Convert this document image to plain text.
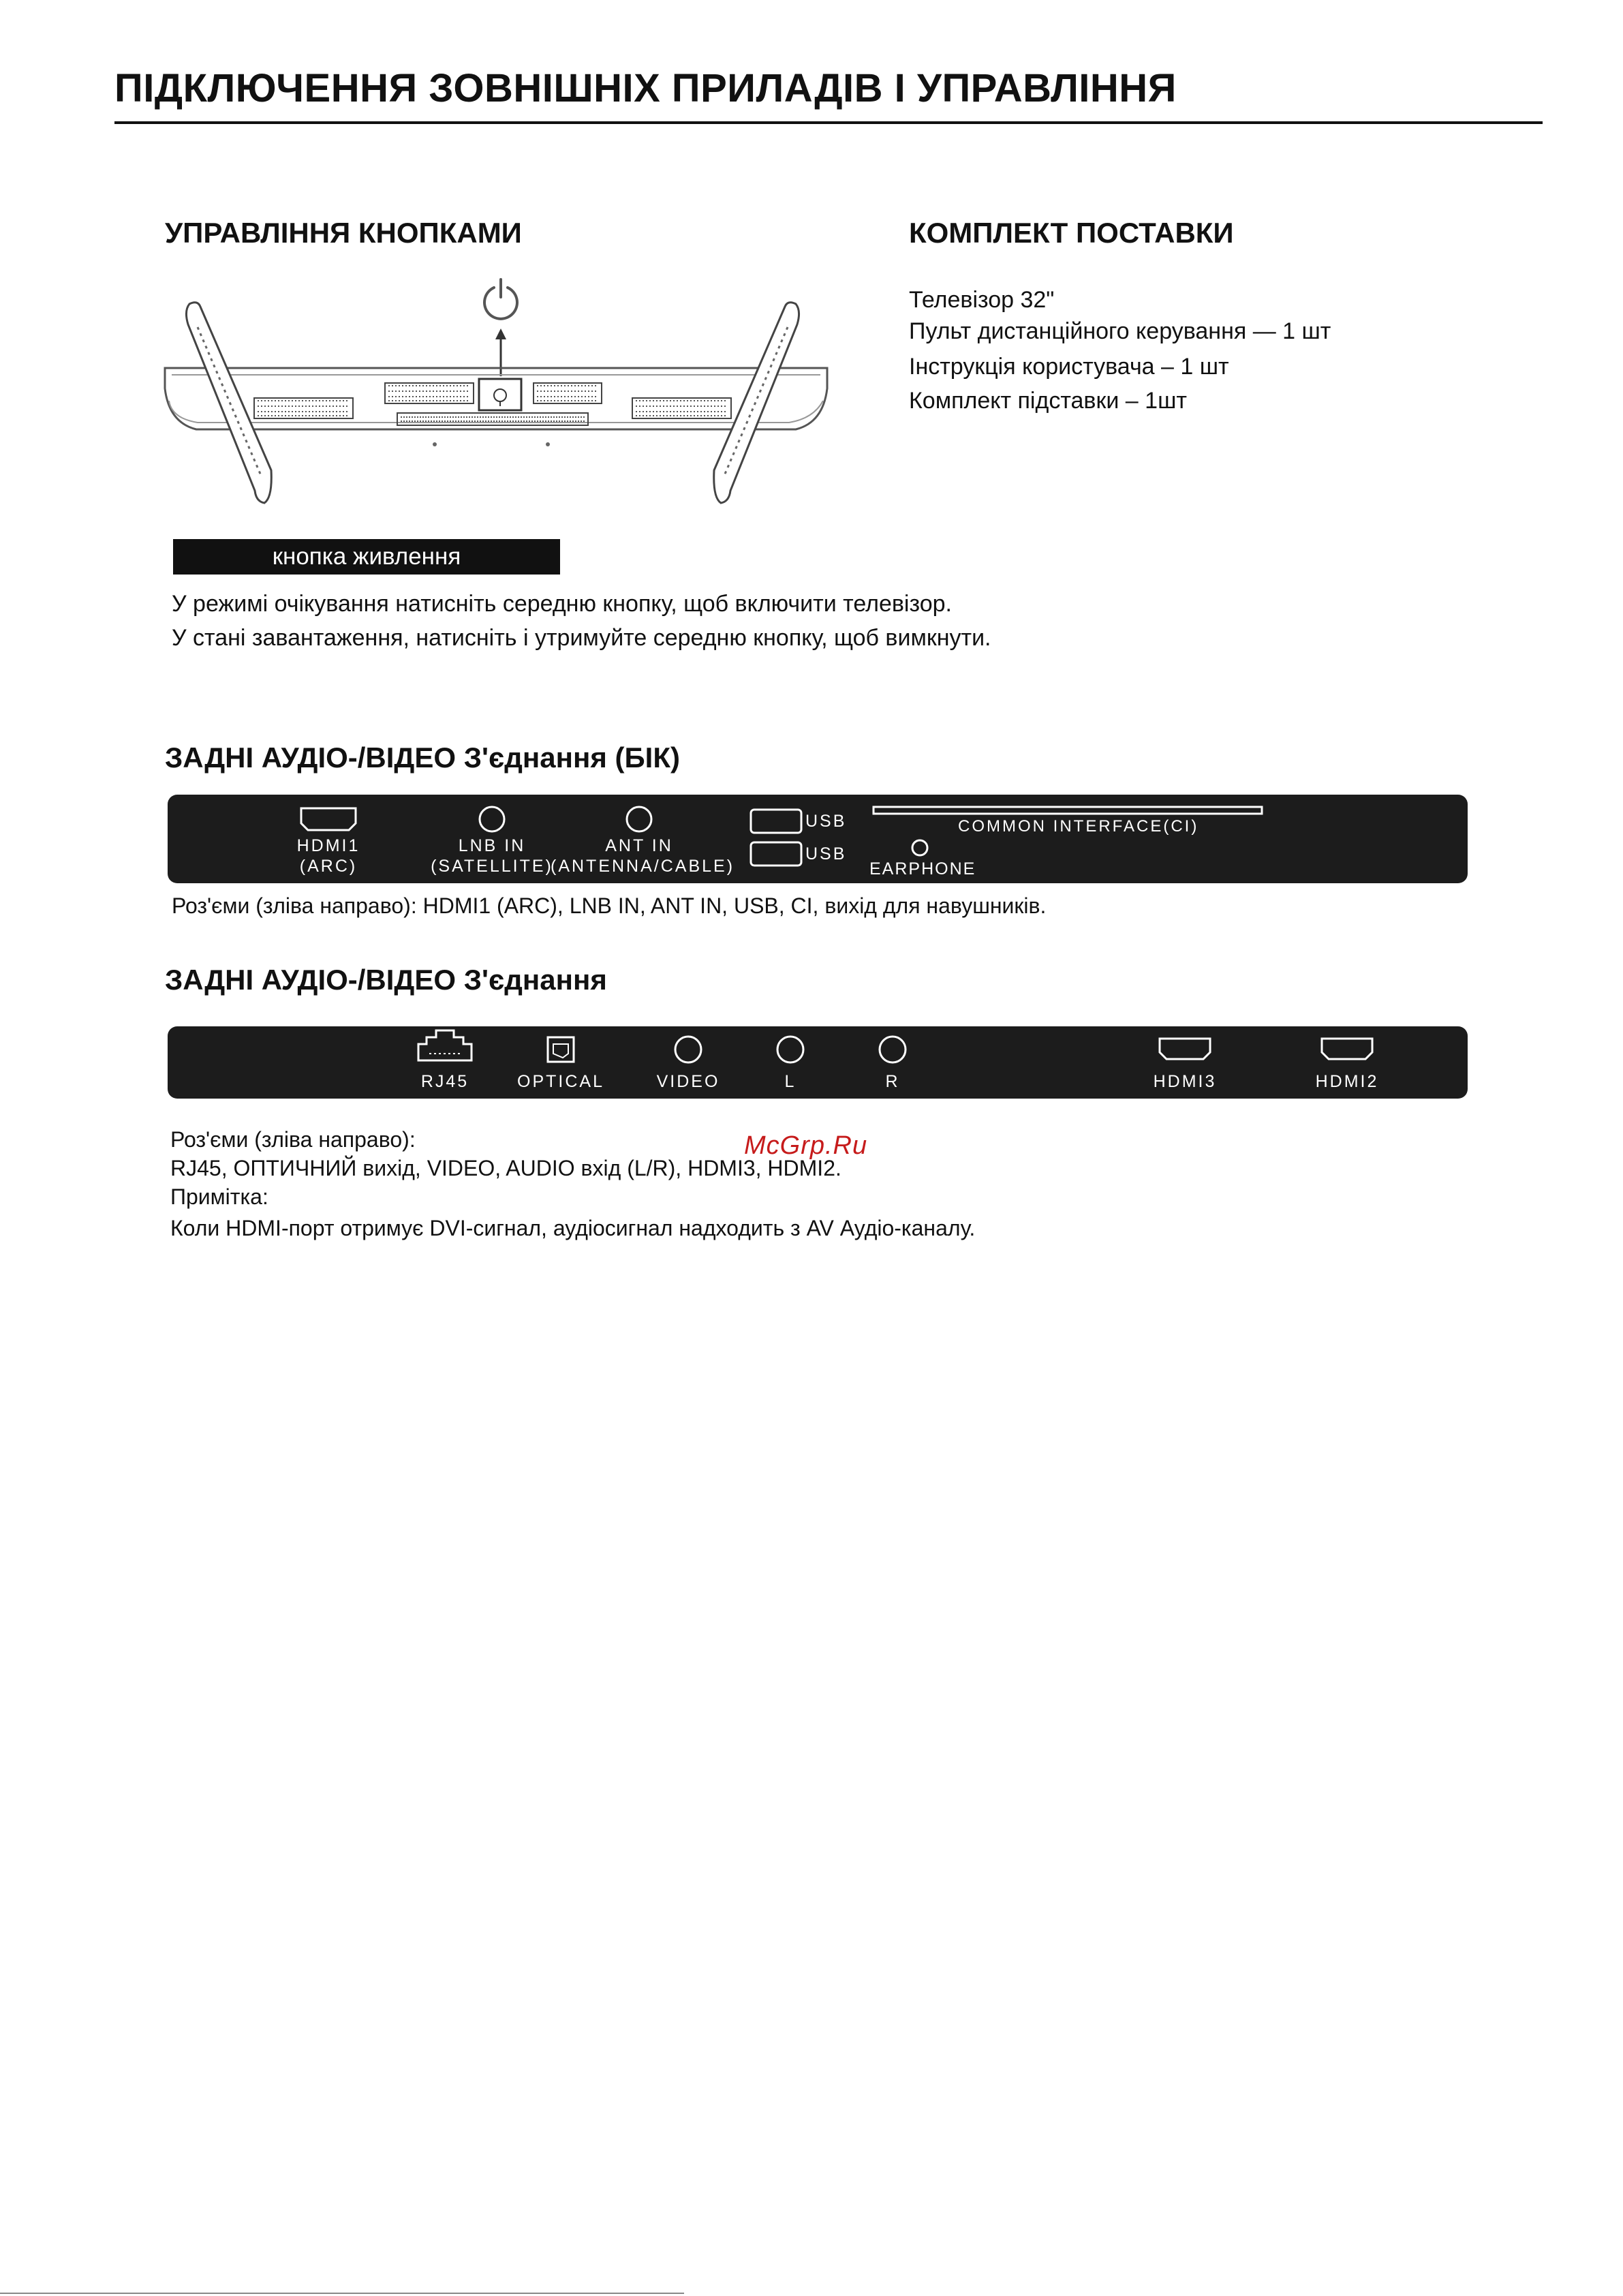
ПІДКЛЮЧЕННЯ ЗОВНІШНІХ ПРИЛАДІВ І УПРАВЛІННЯ
УПРАВЛІННЯ КНОПКАМИ	КОМПЛЕКТ ПОСТАВКИ
Телевізор 32"
Пульт дистанційного керування — 1 шт
Інструкція користувача – 1 шт
Комплект підставки – 1шт
кнопка живлення
У режимі очікування натисніть середню кнопку, щоб включити телевізор.
У стані завантаження, натисніть і утримуйте середню кнопку, щоб вимкнути.
ЗАДНІ АУДІО-/ВІДЕО З'єднання (БІК)
HDMI1
(ARC)
LNB IN
(SATELLITE)
ANT IN
(ANTENNA/CABLE)
USB
USB
COMMON INTERFACE(CI)
EARPHONE
Роз'єми (зліва направо): HDMI1 (ARC), LNB IN, ANT IN, USB, CI, вихід для навушників.
ЗАДНІ АУДІО-/ВІДЕО З'єднання
RJ45	OPTICAL	VIDEO	L	R	HDMI3	HDMI2
Роз'єми (зліва направо):
RJ45, ОПТИЧНИЙ вихід, VIDEO, AUDIO вхід (L/R), HDMI3, HDMI2.
Примітка:
Коли HDMI-порт отримує DVI-сигнал, аудіосигнал надходить з AV Аудіо-каналу.
McGrp.Ru
